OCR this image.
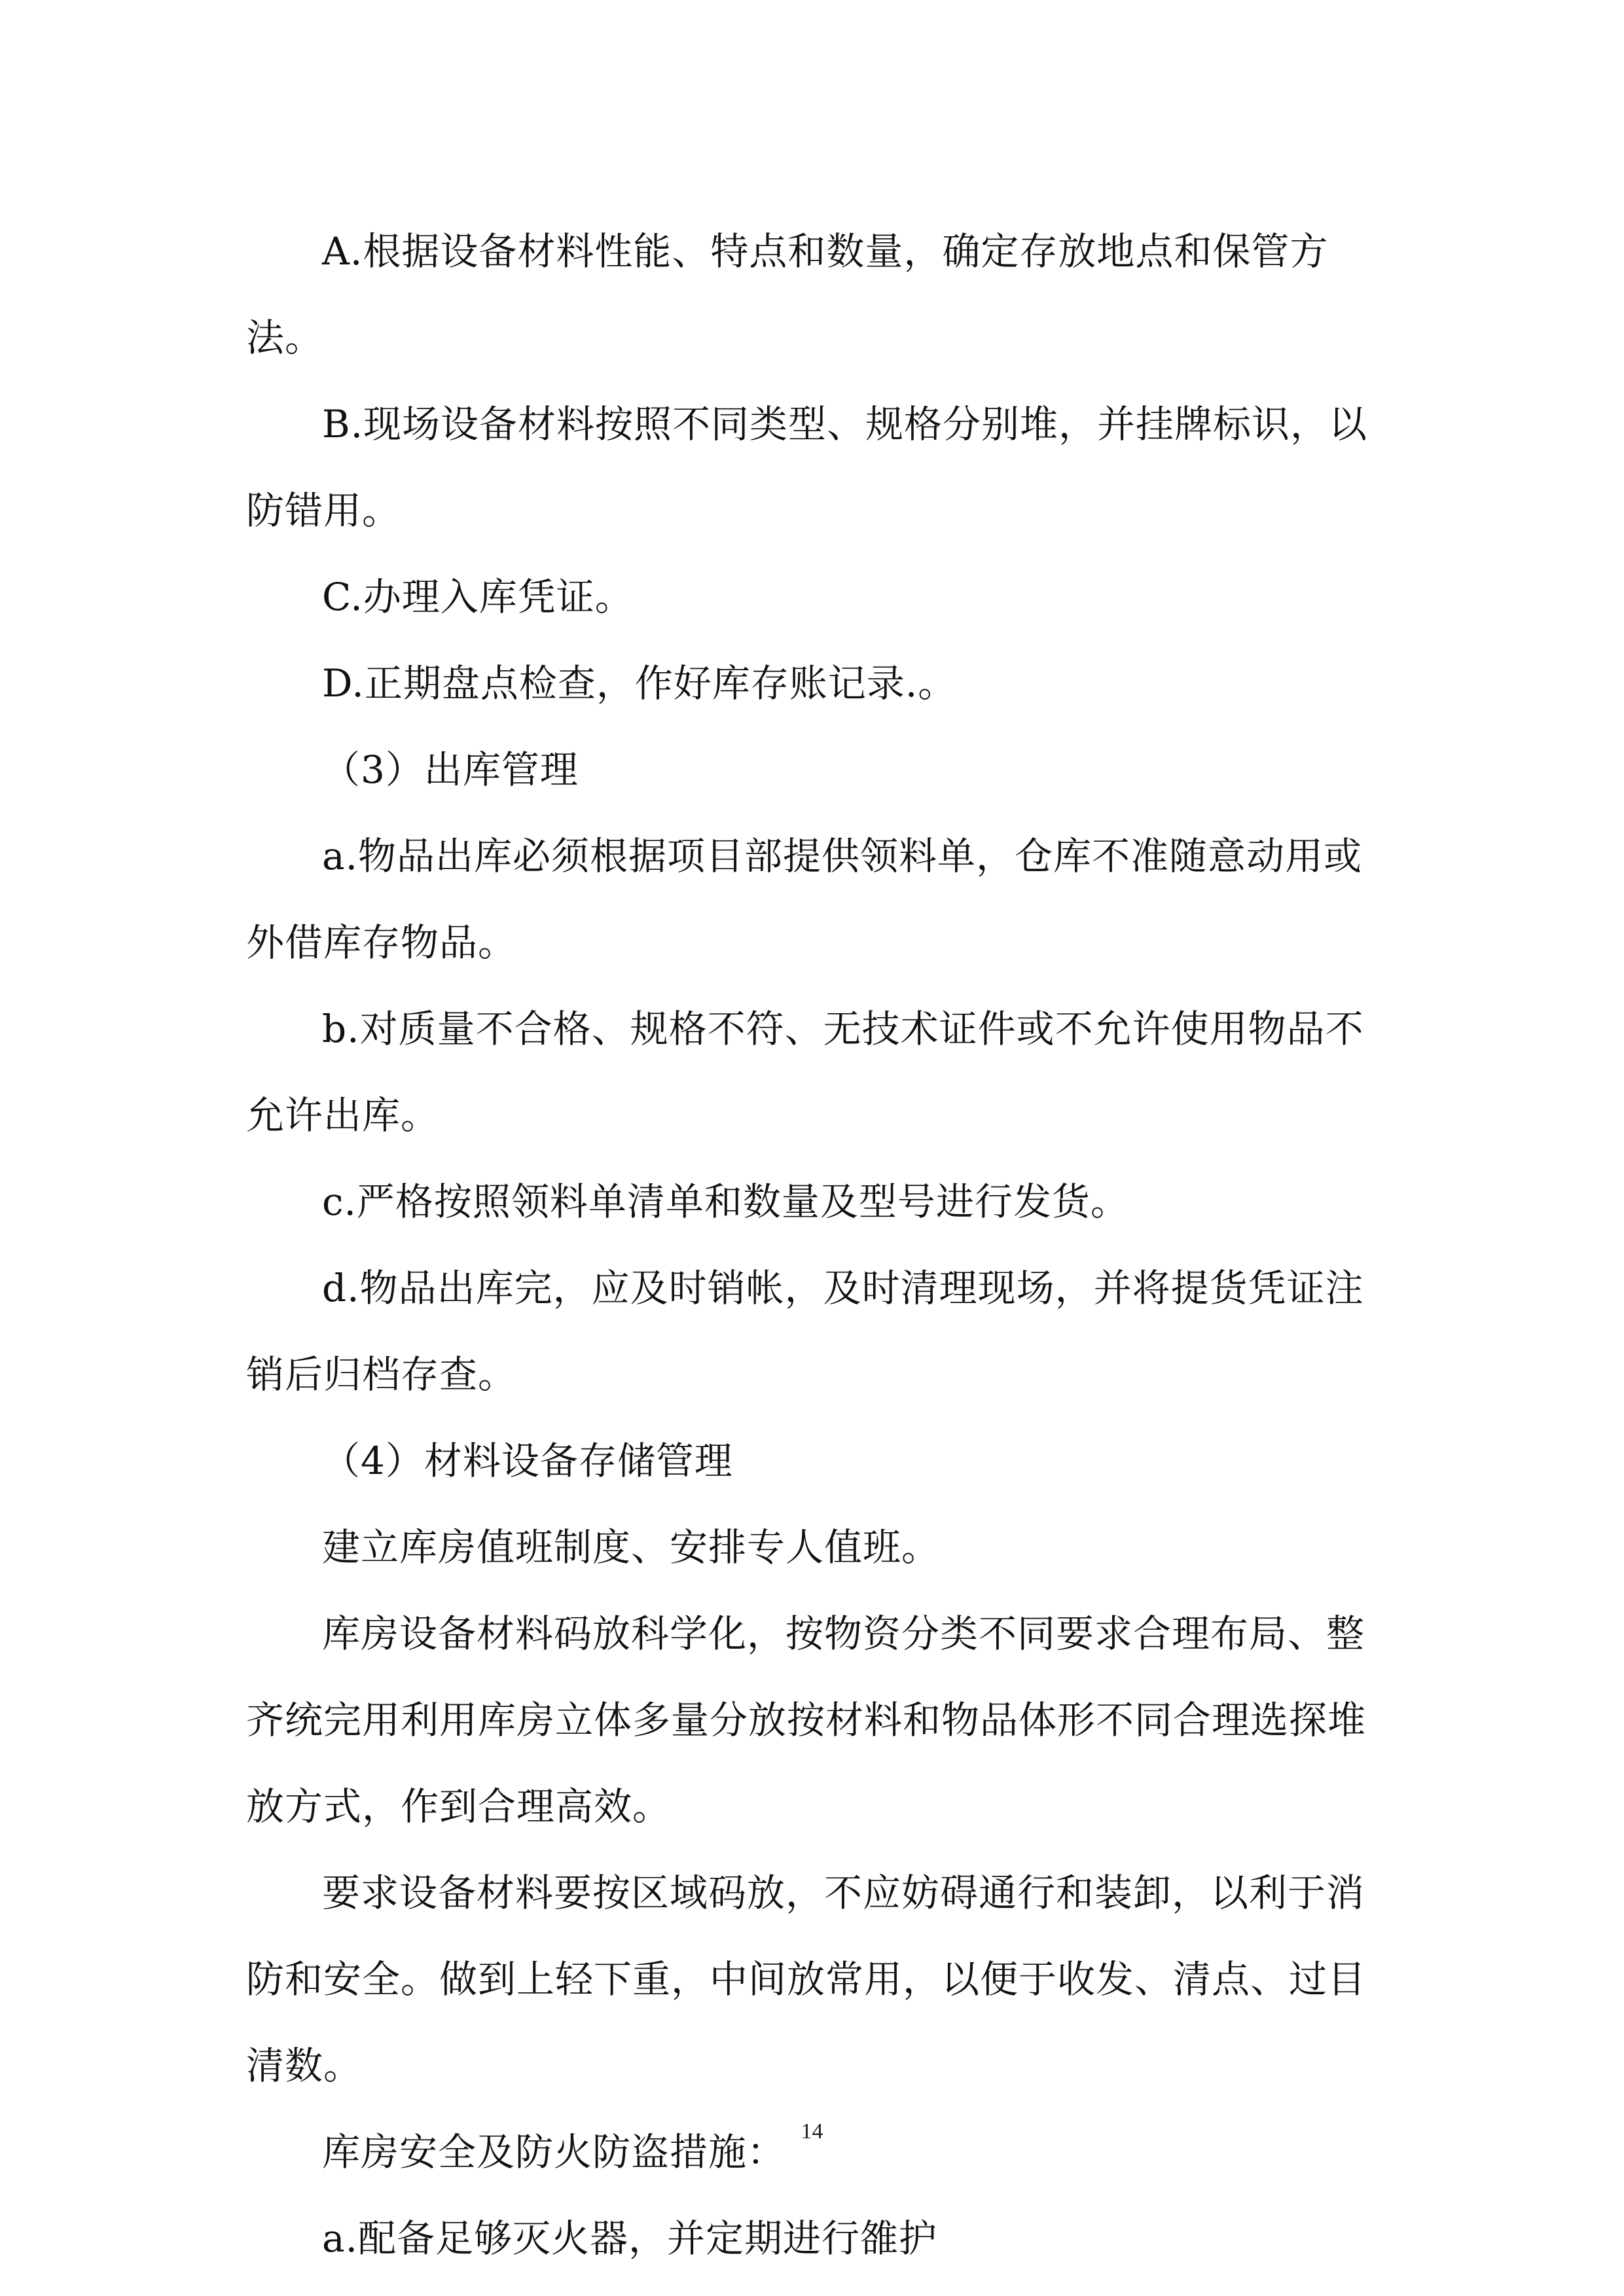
A.根据设备材料性能、特点和数量，确定存放地点和保管方法。

B.现场设备材料按照不同类型、规格分别堆，并挂牌标识，以防错用。

C.办理入库凭证。

D.正期盘点检查，作好库存账记录.。

（3）出库管理

a.物品出库必须根据项目部提供领料单，仓库不准随意动用或外借库存物品。

b.对质量不合格、规格不符、无技术证件或不允许使用物品不允许出库。

c.严格按照领料单清单和数量及型号进行发货。

d.物品出库完，应及时销帐，及时清理现场，并将提货凭证注销后归档存查。

（4）材料设备存储管理

建立库房值班制度、安排专人值班。

库房设备材料码放科学化，按物资分类不同要求合理布局、整齐统完用利用库房立体多量分放按材料和物品体形不同合理选探堆放方式，作到合理高效。

要求设备材料要按区域码放，不应妨碍通行和装卸，以利于消防和安全。做到上轻下重，中间放常用，以便于收发、清点、过目清数。

库房安全及防火防盗措施：

a.配备足够灭火器，并定期进行雒护

14
